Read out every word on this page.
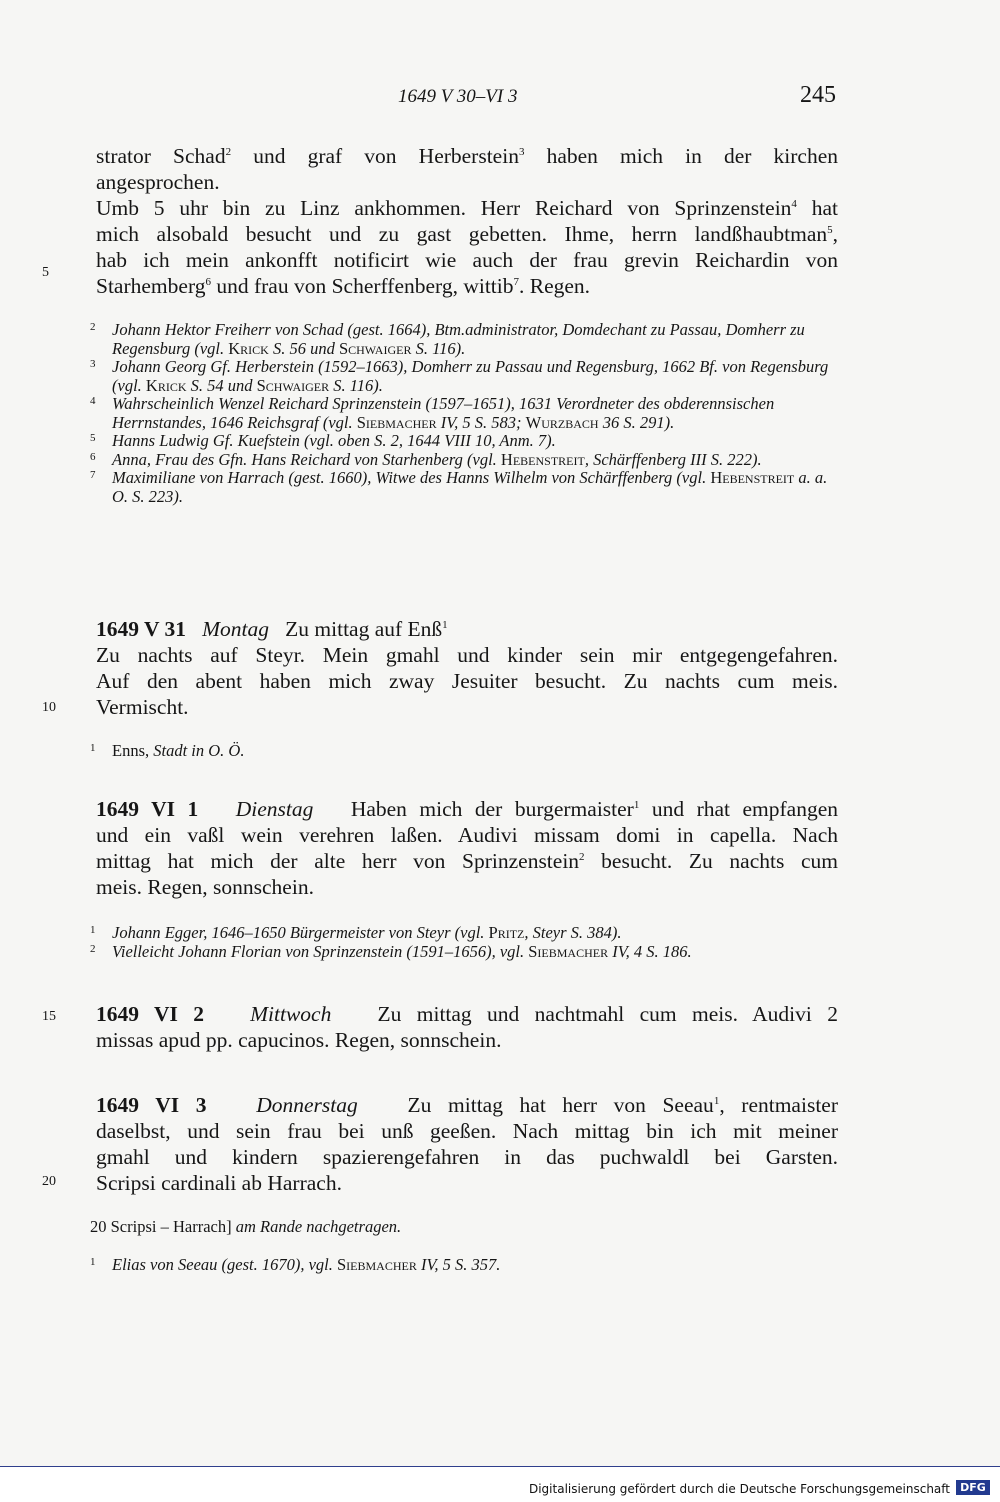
1649 V 30–VI 3	245
strator Schad$^2$ und graf von Herberstein$^3$ haben mich in der kirchen
angesprochen.
Umb 5 uhr bin zu Linz ankhommen. Herr Reichard von Sprinzenstein$^4$ hat
mich alsobald besucht und zu gast gebetten. Ihme, herrn landßhaubtman$^5$,
hab ich mein ankonfft notificirt wie auch der frau grevin Reichardin von
Starhemberg$^6$ und frau von Scherffenberg, wittib$^7$. Regen.
5
2 Johann Hektor Freiherr von Schad (gest. 1664), Btm.administrator, Domdechant zu Passau, Domherr zu Regensburg (vgl. Krick S. 56 und Schwaiger S. 116).
3 Johann Georg Gf. Herberstein (1592–1663), Domherr zu Passau und Regensburg, 1662 Bf. von Regensburg (vgl. Krick S. 54 und Schwaiger S. 116).
4 Wahrscheinlich Wenzel Reichard Sprinzenstein (1597–1651), 1631 Verordneter des obderennsischen Herrnstandes, 1646 Reichsgraf (vgl. Siebmacher IV, 5 S. 583; Wurzbach 36 S. 291).
5 Hanns Ludwig Gf. Kuefstein (vgl. oben S. 2, 1644 VIII 10, Anm. 7).
6 Anna, Frau des Gfn. Hans Reichard von Starhenberg (vgl. Hebenstreit, Schärffenberg III S. 222).
7 Maximiliane von Harrach (gest. 1660), Witwe des Hanns Wilhelm von Schärffenberg (vgl. Hebenstreit a. a. O. S. 223).
1649 V 31 Montag Zu mittag auf Enß$^1$
Zu nachts auf Steyr. Mein gmahl und kinder sein mir entgegengefahren.
Auf den abent haben mich zway Jesuiter besucht. Zu nachts cum meis.
Vermischt.
10
1 Enns, Stadt in O. Ö.
1649 VI 1 Dienstag Haben mich der burgermaister$^1$ und rhat empfangen
und ein vaßl wein verehren laßen. Audivi missam domi in capella. Nach
mittag hat mich der alte herr von Sprinzenstein$^2$ besucht. Zu nachts cum
meis. Regen, sonnschein.
1 Johann Egger, 1646–1650 Bürgermeister von Steyr (vgl. Pritz, Steyr S. 384).
2 Vielleicht Johann Florian von Sprinzenstein (1591–1656), vgl. Siebmacher IV, 4 S. 186.
1649 VI 2 Mittwoch Zu mittag und nachtmahl cum meis. Audivi 2
missas apud pp. capucinos. Regen, sonnschein.
15
1649 VI 3 Donnerstag Zu mittag hat herr von Seeau$^1$, rentmaister
daselbst, und sein frau bei unß geeßen. Nach mittag bin ich mit meiner
gmahl und kindern spazierengefahren in das puchwaldl bei Garsten.
Scripsi cardinali ab Harrach.
20
20 Scripsi – Harrach] am Rande nachgetragen.
1 Elias von Seeau (gest. 1670), vgl. Siebmacher IV, 5 S. 357.
Digitalisierung gefördert durch die Deutsche Forschungsgemeinschaft DFG
